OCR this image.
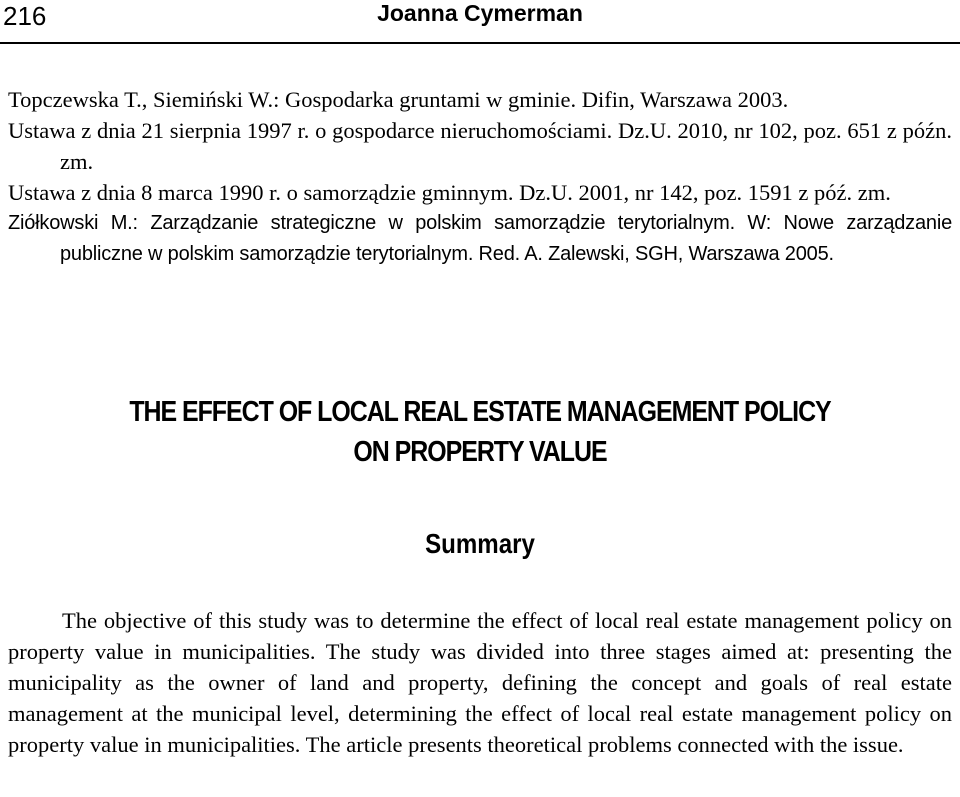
216	Joanna Cymerman
Topczewska T., Siemiński W.: Gospodarka gruntami w gminie. Difin, Warszawa 2003.
Ustawa z dnia 21 sierpnia 1997 r. o gospodarce nieruchomościami. Dz.U. 2010, nr 102, poz. 651 z późn. zm.
Ustawa z dnia 8 marca 1990 r. o samorządzie gminnym. Dz.U. 2001, nr 142, poz. 1591 z póź. zm.
Ziółkowski M.: Zarządzanie strategiczne w polskim samorządzie terytorialnym. W: Nowe zarządzanie publiczne w polskim samorządzie terytorialnym. Red. A. Zalewski, SGH, Warszawa 2005.
THE EFFECT OF LOCAL REAL ESTATE MANAGEMENT POLICY
ON PROPERTY VALUE
Summary

The objective of this study was to determine the effect of local real estate management policy on property value in municipalities. The study was divided into three stages aimed at: presenting the municipality as the owner of land and property, defining the concept and goals of real estate management at the municipal level, determining the effect of local real estate management policy on property value in municipalities. The article presents theoretical problems connected with the issue.
